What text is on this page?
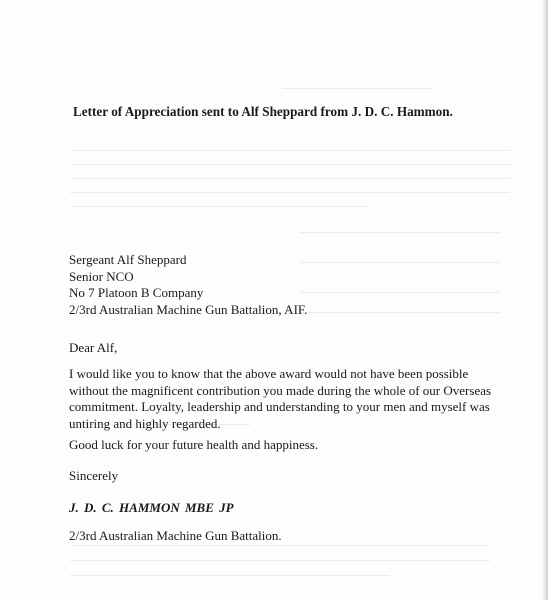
Letter of Appreciation sent to Alf Sheppard from J. D. C. Hammon.
Sergeant Alf Sheppard
Senior NCO
No 7 Platoon B Company
2/3rd Australian Machine Gun Battalion, AIF.
Dear Alf,

I would like you to know that the above award would not have been possible without the magnificent contribution you made during the whole of our Overseas commitment. Loyalty, leadership and understanding to your men and myself was untiring and highly regarded.

Good luck for your future health and happiness.
Sincerely
J. D. C. HAMMON MBE JP
2/3rd Australian Machine Gun Battalion.
